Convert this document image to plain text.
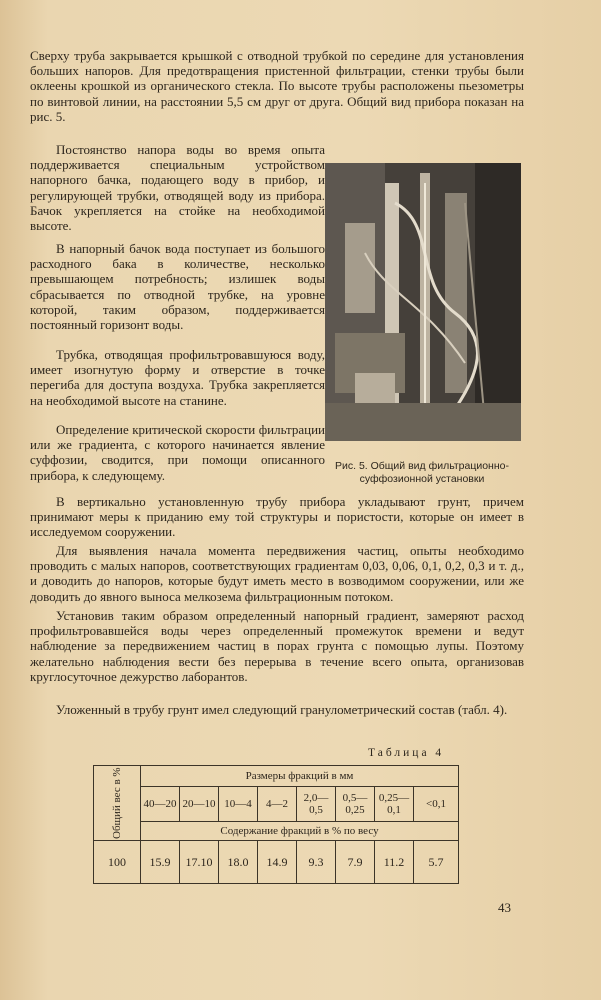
Сверху труба закрывается крышкой с отводной трубкой по середине для установления больших напоров. Для предотвращения пристенной фильтрации, стенки трубы были оклеены крошкой из органического стекла. По высоте трубы расположены пьезометры по винтовой линии, на расстоянии 5,5 см друг от друга. Общий вид прибора показан на рис. 5.

Постоянство напора воды во время опыта поддерживается специальным устройством напорного бачка, подающего воду в прибор, и регулирующей трубки, отводящей воду из прибора. Бачок укрепляется на стойке на необходимой высоте.

В напорный бачок вода поступает из большого расходного бака в количестве, несколько превышающем потребность; излишек воды сбрасывается по отводной трубке, на уровне которой, таким образом, поддерживается постоянный горизонт воды.

Трубка, отводящая профильтровавшуюся воду, имеет изогнутую форму и отверстие в точке перегиба для доступа воздуха. Трубка закрепляется на необходимой высоте на станине.

Определение критической скорости фильтрации или же градиента, с которого начинается явление суффозии, сводится, при помощи описанного прибора, к следующему.

В вертикально установленную трубу прибора укладывают грунт, причем принимают меры к приданию ему той структуры и пористости, которые он имеет в исследуемом сооружении.

Для выявления начала момента передвижения частиц, опыты необходимо проводить с малых напоров, соответствующих градиентам 0,03, 0,06, 0,1, 0,2, 0,3 и т. д., и доводить до напоров, которые будут иметь место в возводимом сооружении, или же доводить до явного выноса мелкозема фильтрационным потоком.

Установив таким образом определенный напорный градиент, замеряют расход профильтровавшейся воды через определенный промежуток времени и ведут наблюдение за передвижением частиц в порах грунта с помощью лупы. Поэтому желательно наблюдения вести без перерыва в течение всего опыта, организовав круглосуточное дежурство лаборантов.

Уложенный в трубу грунт имел следующий гранулометрический состав (табл. 4).

Рис. 5. Общий вид фильтрационно-суффозионной установки
Таблица 4
Общий вес в %	Размеры фракций в мм							
	40—20	20—10	10—4	4—2	2,0—0,5	0,5—0,25	0,25—0,1	<0,1
	Содержание фракций в % по весу							
100	15.9	17.10	18.0	14.9	9.3	7.9	11.2	5.7
43
